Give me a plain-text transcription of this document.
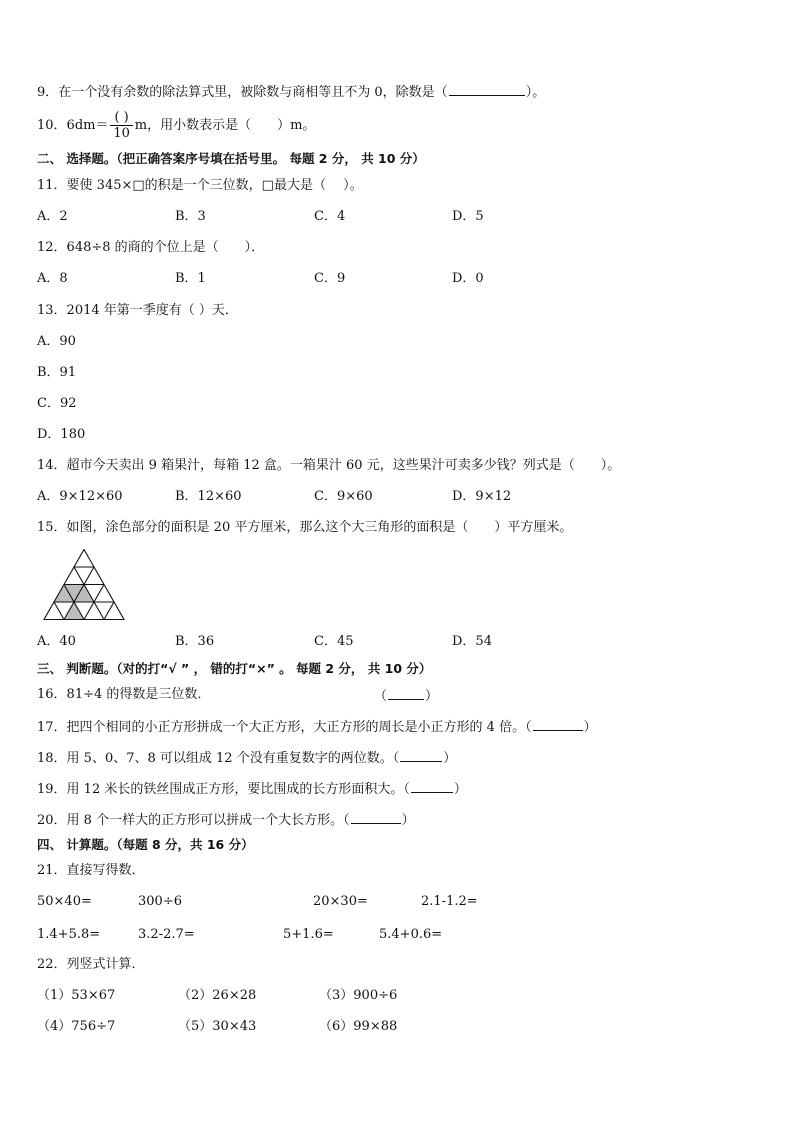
9．在一个没有余数的除法算式里，被除数与商相等且不为 0，除数是（	）。
10．$6dm= \frac{( )}{10}$ m，用小数表示是（　　）m。
二、 选择题。（把正确答案序号填在括号里。 每题 2 分， 共 10 分）
11．要使 345×□的积是一个三位数，□最大是（　 ）。
A．2	B．3	C．4	D．5
12．648÷8 的商的个位上是（　　）．
A．8	B．1	C．9	D．0
13．2014 年第一季度有（ ）天．
A．90
B．91
C．92
D．180
14．超市今天卖出 9 箱果汁，每箱 12 盒。一箱果汁 60 元，这些果汁可卖多少钱？列式是（　　）。
A．9×12×60	B．12×60	C．9×60	D．9×12
15．如图，涂色部分的面积是 20 平方厘米，那么这个大三角形的面积是（　　）平方厘米。
A．40	B．36	C．45	D．54
三、 判断题。（对的打“√ ” ， 错的打“×” 。 每题 2 分， 共 10 分）
16．81÷4 的得数是三位数．	（	）
17．把四个相同的小正方形拼成一个大正方形，大正方形的周长是小正方形的 4 倍。（	）
18．用 5、0、7、8 可以组成 12 个没有重复数字的两位数。（	）
19．用 12 米长的铁丝围成正方形，要比围成的长方形面积大。（	）
20．用 8 个一样大的正方形可以拼成一个大长方形。（	）
四、 计算题。（每题 8 分，共 16 分）
21．直接写得数．
50×40=	300÷6	20×30=	2.1-1.2=
1.4+5.8=	3.2-2.7=	5+1.6=	5.4+0.6=
22．列竖式计算．
（1）53×67	（2）26×28	（3）900÷6
（4）756÷7	（5）30×43	（6）99×88
